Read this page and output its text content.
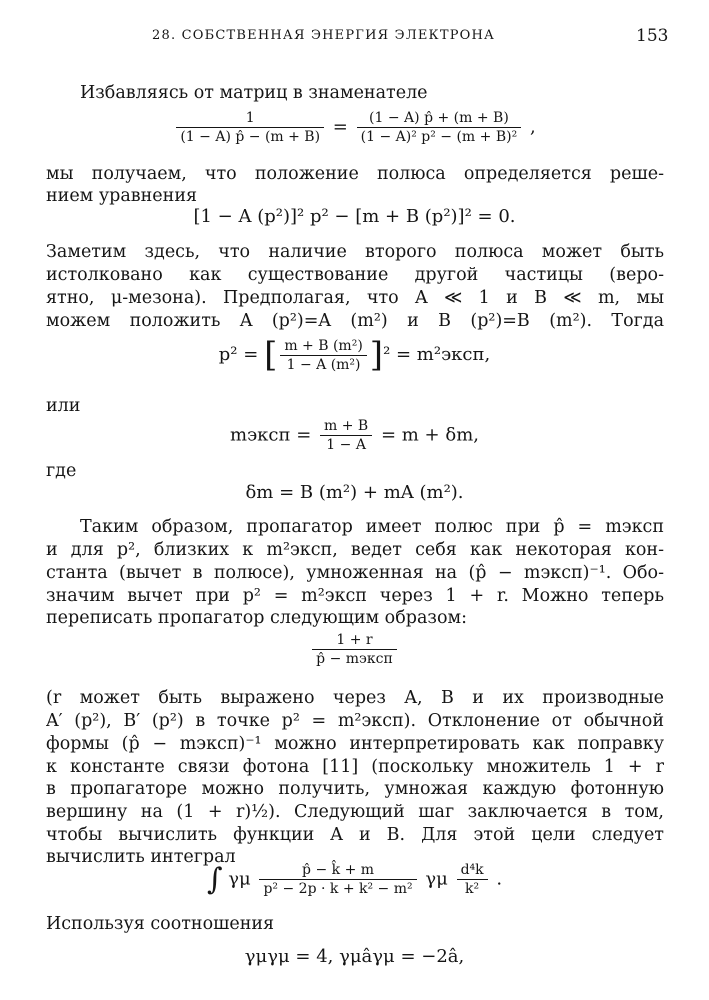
28. СОБСТВЕННАЯ ЭНЕРГИЯ ЭЛЕКТРОНА	153
Избавляясь от матриц в знаменателе
$\frac{1}{(1 - A) p̂ - (m + B)} = \frac{(1 - A) p̂ + (m + B)}{\text{(1 − A)² p² − (m + B)²}}$ ,
мы получаем, что положение полюса определяется реше-
нием уравнения
[1 − A (p²)]² p² − [m + B (p²)]² = 0.
Заметим здесь, что наличие второго полюса может быть
истолковано как существование другой частицы (веро-
ятно, μ-мезона). Предполагая, что A ≪ 1 и B ≪ m, мы
можем положить A (p²)=A (m²) и B (p²)=B (m²). Тогда
p² = [ $\frac{\text{m + B (m²)}}{\text{1 − A (m²)}} ]^2$ = m²эксп,
или
mэксп = $\frac{m + B}{1 - A} = m + \delta m$,
где
δm = B (m²) + mA (m²).
Таким образом, пропагатор имеет полюс при p̂ = mэксп
и для p², близких к m²эксп, ведет себя как некоторая кон-
станта (вычет в полюсе), умноженная на (p̂ − mэксп)⁻¹. Обо-
значим вычет при p² = m²эксп через 1 + r. Можно теперь
переписать пропагатор следующим образом:
$\frac{1 + r}{\text{p̂ − mэксп}}$
(r может быть выражено через A, B и их производные
A′ (p²), B′ (p²) в точке p² = m²эксп). Отклонение от обычной
формы (p̂ − mэксп)⁻¹ можно интерпретировать как поправку
к константе связи фотона [11] (поскольку множитель 1 + r
в пропагаторе можно получить, умножая каждую фотонную
вершину на (1 + r)½). Следующий шаг заключается в том,
чтобы вычислить функции A и B. Для этой цели следует
вычислить интеграл
∫ γμ $\frac{p̂ - k̂ + m}{\text{p² − 2p · k + k² − m²}}$ γμ $\frac{\text{d⁴k}}{\text{k²}}$ .
Используя соотношения
γμγμ = 4, γμâγμ = −2â,
